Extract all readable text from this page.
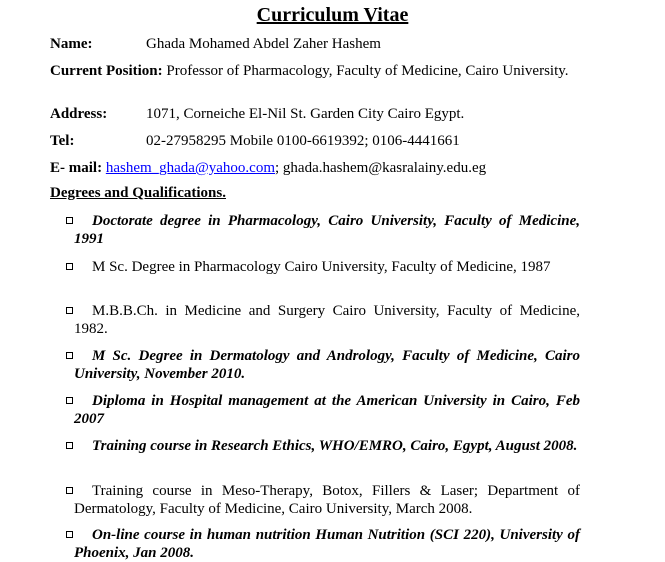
Curriculum Vitae
Name:	Ghada Mohamed Abdel Zaher Hashem
Current Position: Professor of Pharmacology, Faculty of Medicine, Cairo University.
Address:	1071, Corneiche El-Nil St. Garden City Cairo Egypt.
Tel:	02-27958295 Mobile 0100-6619392; 0106-4441661
E- mail: hashem_ghada@yahoo.com; ghada.hashem@kasralainy.edu.eg
Degrees and Qualifications.
Doctorate degree in Pharmacology, Cairo University, Faculty of Medicine, 1991
M Sc. Degree in Pharmacology Cairo University, Faculty of Medicine, 1987
M.B.B.Ch. in Medicine and Surgery Cairo University, Faculty of Medicine, 1982.
M Sc. Degree in Dermatology and Andrology, Faculty of Medicine, Cairo University, November 2010.
Diploma in Hospital management at the American University in Cairo, Feb 2007
Training course in Research Ethics, WHO/EMRO, Cairo, Egypt, August 2008.
Training course in Meso-Therapy, Botox, Fillers & Laser; Department of Dermatology, Faculty of Medicine, Cairo University, March 2008.
On-line course in human nutrition Human Nutrition (SCI 220), University of Phoenix, Jan 2008.
